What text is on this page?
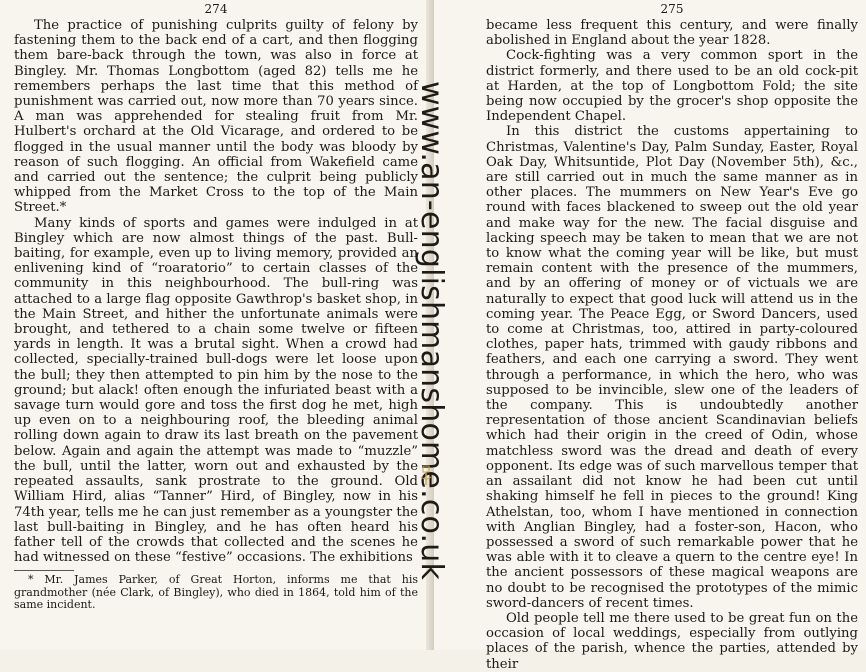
274

The practice of punishing culprits guilty of felony by fastening them to the back end of a cart, and then flogging them bare-back through the town, was also in force at Bingley. Mr. Thomas Longbottom (aged 82) tells me he remembers perhaps the last time that this method of punishment was carried out, now more than 70 years since. A man was apprehended for stealing fruit from Mr. Hulbert's orchard at the Old Vicarage, and ordered to be flogged in the usual manner until the body was bloody by reason of such flogging. An official from Wakefield came and carried out the sentence; the culprit being publicly whipped from the Market Cross to the top of the Main Street.*

Many kinds of sports and games were indulged in at Bingley which are now almost things of the past. Bull-baiting, for example, even up to living memory, provided an enlivening kind of “roaratorio” to certain classes of the community in this neighbourhood. The bull-ring was attached to a large flag opposite Gawthrop's basket shop, in the Main Street, and hither the unfortunate animals were brought, and tethered to a chain some twelve or fifteen yards in length. It was a brutal sight. When a crowd had collected, specially-trained bull-dogs were let loose upon the bull; they then attempted to pin him by the nose to the ground; but alack! often enough the infuriated beast with a savage turn would gore and toss the first dog he met, high up even on to a neighbouring roof, the bleeding animal rolling down again to draw its last breath on the pavement below. Again and again the attempt was made to “muzzle” the bull, until the latter, worn out and exhausted by the repeated assaults, sank prostrate to the ground. Old William Hird, alias “Tanner” Hird, of Bingley, now in his 74th year, tells me he can just remember as a youngster the last bull-baiting in Bingley, and he has often heard his father tell of the crowds that collected and the scenes he had witnessed on these “festive” occasions. The exhibitions

* Mr. James Parker, of Great Horton, informs me that his grandmother (née Clark, of Bingley), who died in 1864, told him of the same incident.

275

became less frequent this century, and were finally abolished in England about the year 1828.

Cock-fighting was a very common sport in the district formerly, and there used to be an old cock-pit at Harden, at the top of Longbottom Fold; the site being now occupied by the grocer's shop opposite the Independent Chapel.

In this district the customs appertaining to Christmas, Valentine's Day, Palm Sunday, Easter, Royal Oak Day, Whitsuntide, Plot Day (November 5th), &c., are still carried out in much the same manner as in other places. The mummers on New Year's Eve go round with faces blackened to sweep out the old year and make way for the new. The facial disguise and lacking speech may be taken to mean that we are not to know what the coming year will be like, but must remain content with the presence of the mummers, and by an offering of money or of victuals we are naturally to expect that good luck will attend us in the coming year. The Peace Egg, or Sword Dancers, used to come at Christmas, too, attired in party-coloured clothes, paper hats, trimmed with gaudy ribbons and feathers, and each one carrying a sword. They went through a performance, in which the hero, who was supposed to be invincible, slew one of the leaders of the company. This is undoubtedly another representation of those ancient Scandinavian beliefs which had their origin in the creed of Odin, whose matchless sword was the dread and death of every opponent. Its edge was of such marvellous temper that an assailant did not know he had been cut until shaking himself he fell in pieces to the ground! King Athelstan, too, whom I have mentioned in connection with Anglian Bingley, had a foster-son, Hacon, who possessed a sword of such remarkable power that he was able with it to cleave a quern to the centre eye! In the ancient possessors of these magical weapons are no doubt to be recognised the prototypes of the mimic sword-dancers of recent times.

Old people tell me there used to be great fun on the occasion of local weddings, especially from outlying places of the parish, whence the parties, attended by their

www.an-englishmanshome.co.uk
